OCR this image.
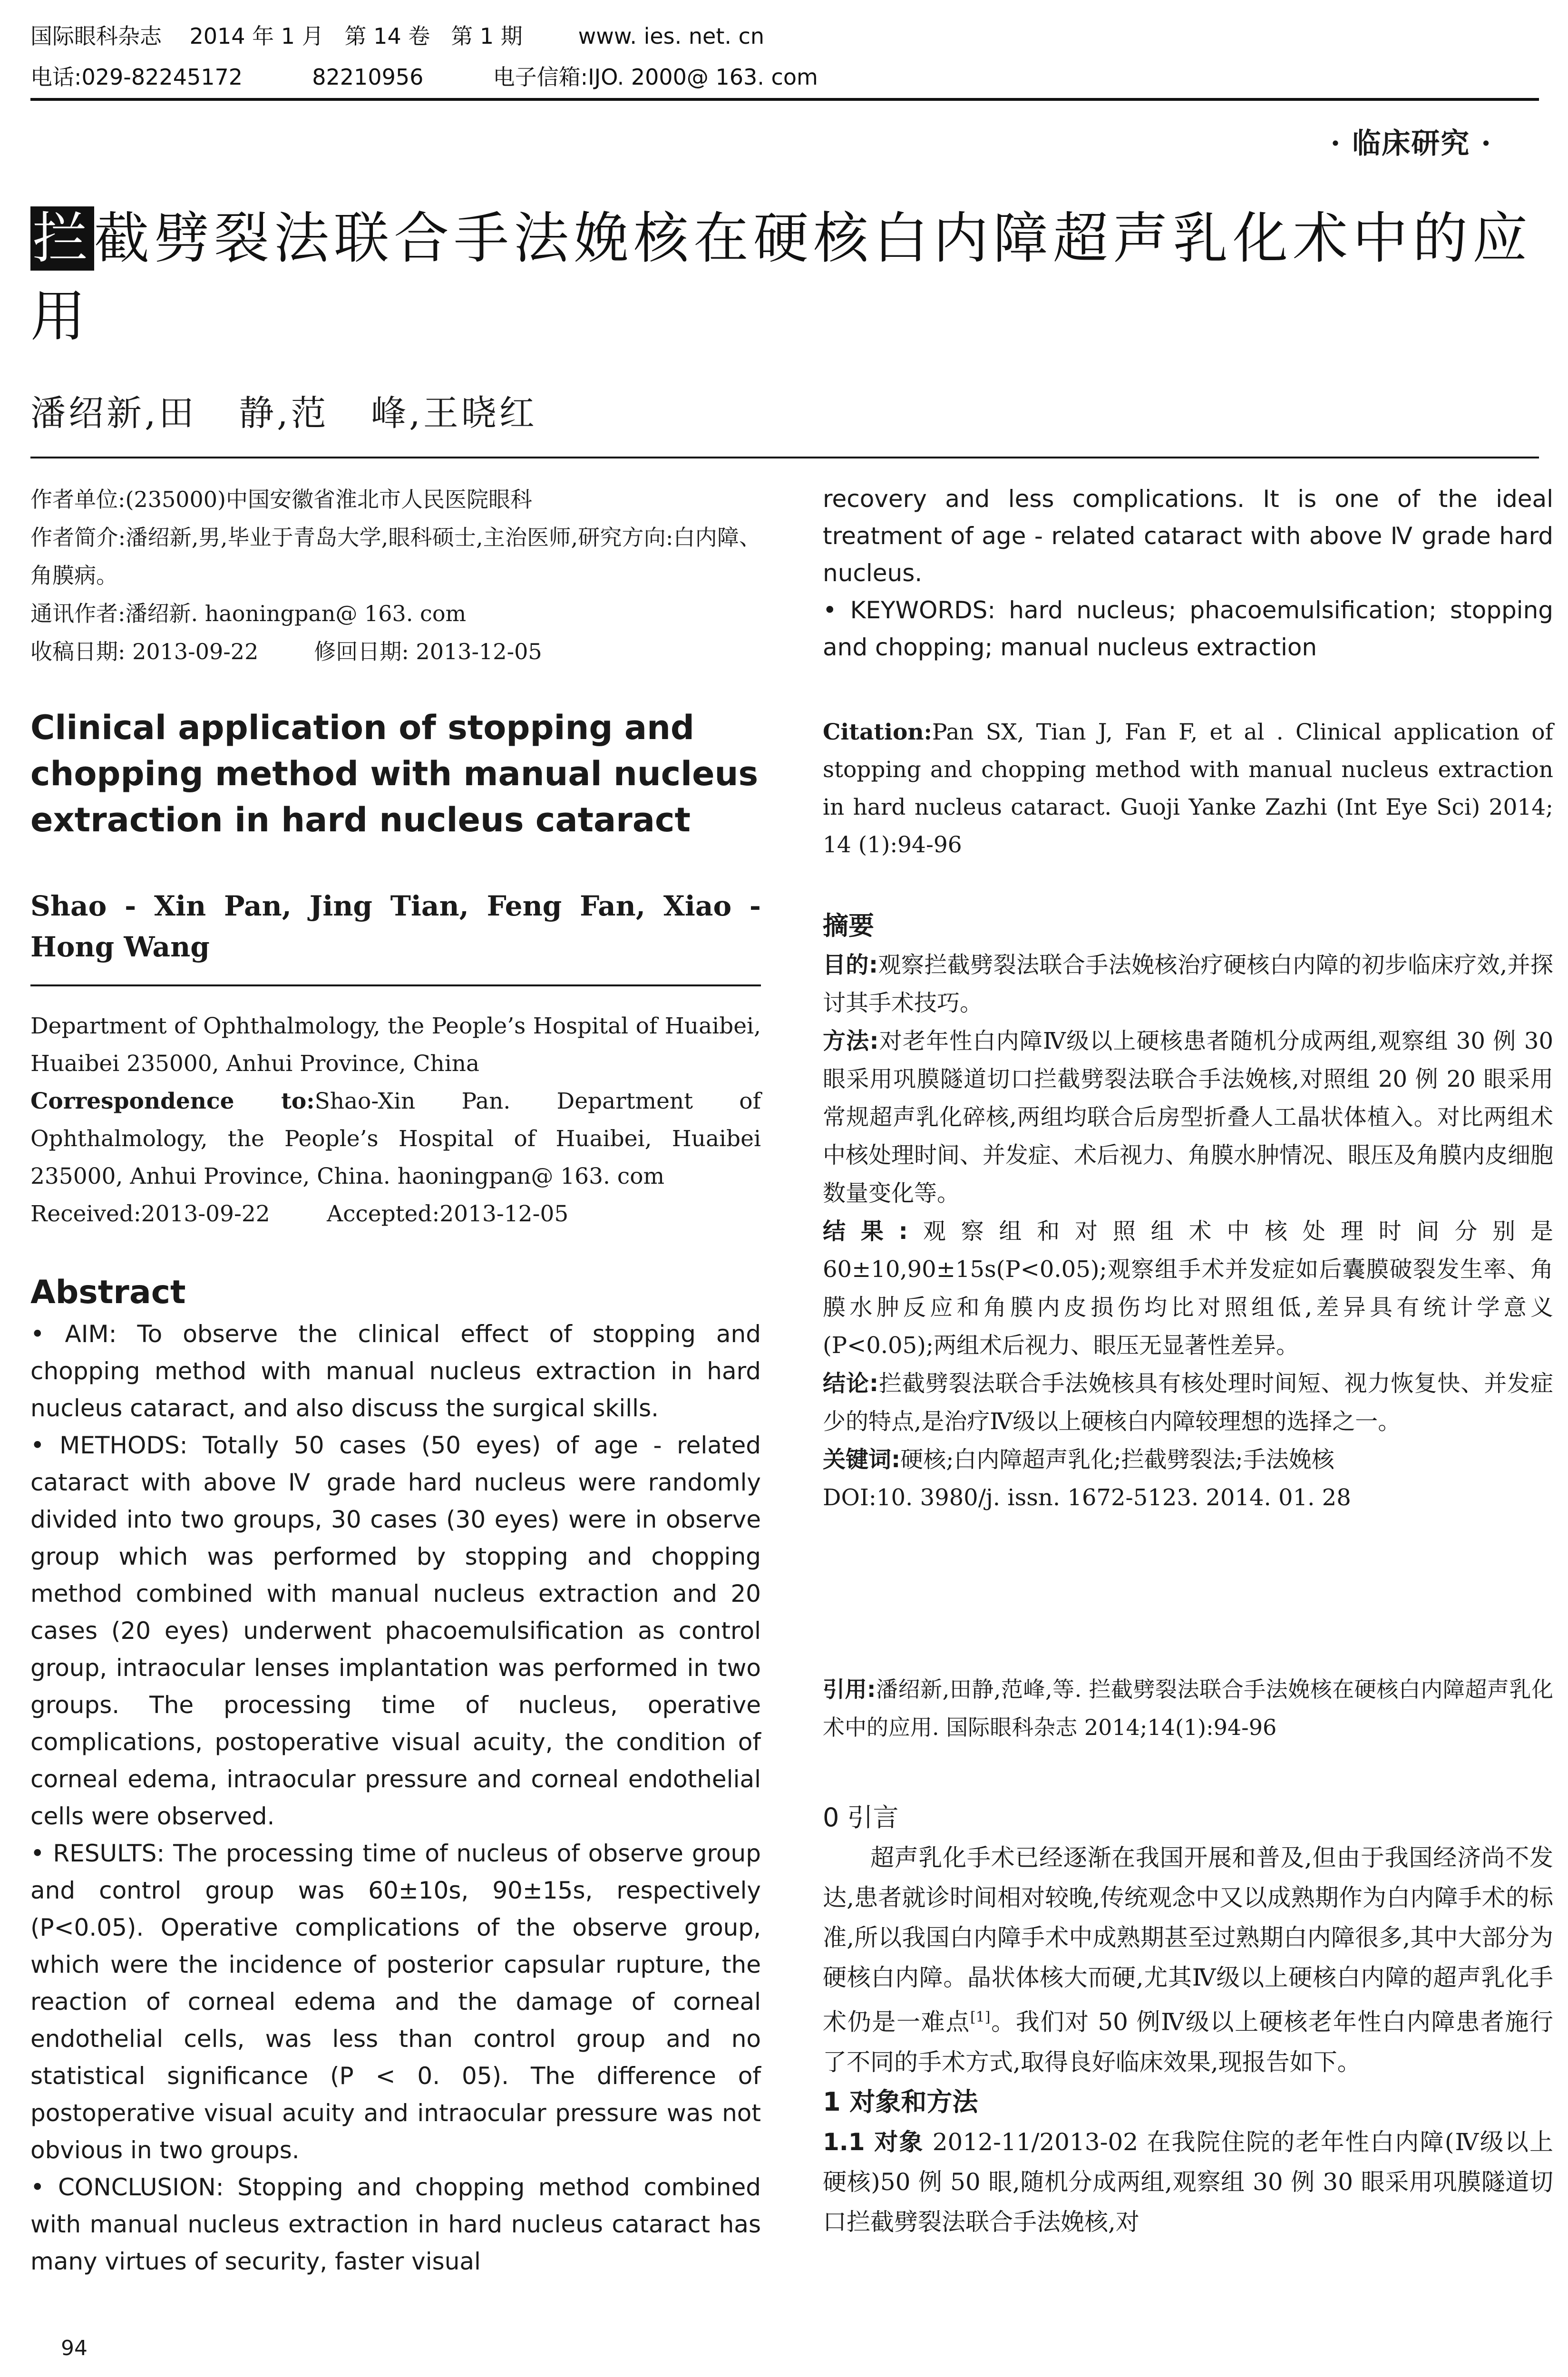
国际眼科杂志    2014 年 1 月   第 14 卷   第 1 期        www. ies. net. cn
电话:029-82245172          82210956          电子信箱:IJO. 2000@ 163. com
· 临床研究 ·
拦截劈裂法联合手法娩核在硬核白内障超声乳化术中的应用
潘绍新,田   静,范   峰,王晓红
作者单位:(235000)中国安徽省淮北市人民医院眼科
作者简介:潘绍新,男,毕业于青岛大学,眼科硕士,主治医师,研究方向:白内障、角膜病。
通讯作者:潘绍新. haoningpan@ 163. com
收稿日期: 2013-09-22        修回日期: 2013-12-05
Clinical application of stopping and chopping method with manual nucleus extraction in hard nucleus cataract
Shao - Xin Pan, Jing Tian, Feng Fan, Xiao - Hong Wang
Department of Ophthalmology, the People’s Hospital of Huaibei, Huaibei 235000, Anhui Province, China
Correspondence to:Shao-Xin Pan. Department of Ophthalmology, the People’s Hospital of Huaibei, Huaibei 235000, Anhui Province, China. haoningpan@ 163. com
Received:2013-09-22        Accepted:2013-12-05
Abstract
• AIM: To observe the clinical effect of stopping and chopping method with manual nucleus extraction in hard nucleus cataract, and also discuss the surgical skills.
• METHODS: Totally 50 cases (50 eyes) of age - related cataract with above Ⅳ grade hard nucleus were randomly divided into two groups, 30 cases (30 eyes) were in observe group which was performed by stopping and chopping method combined with manual nucleus extraction and 20 cases (20 eyes) underwent phacoemulsification as control group, intraocular lenses implantation was performed in two groups. The processing time of nucleus, operative complications, postoperative visual acuity, the condition of corneal edema, intraocular pressure and corneal endothelial cells were observed.
• RESULTS: The processing time of nucleus of observe group and control group was 60±10s, 90±15s, respectively (P<0.05). Operative complications of the observe group, which were the incidence of posterior capsular rupture, the reaction of corneal edema and the damage of corneal endothelial cells, was less than control group and no statistical significance (P < 0. 05). The difference of postoperative visual acuity and intraocular pressure was not obvious in two groups.
• CONCLUSION: Stopping and chopping method combined with manual nucleus extraction in hard nucleus cataract has many virtues of security, faster visual
recovery and less complications. It is one of the ideal treatment of age - related cataract with above Ⅳ grade hard nucleus.
• KEYWORDS: hard nucleus; phacoemulsification; stopping and chopping; manual nucleus extraction
Citation:Pan SX, Tian J, Fan F, et al . Clinical application of stopping and chopping method with manual nucleus extraction in hard nucleus cataract. Guoji Yanke Zazhi (Int Eye Sci) 2014; 14 (1):94-96
摘要
目的:观察拦截劈裂法联合手法娩核治疗硬核白内障的初步临床疗效,并探讨其手术技巧。
方法:对老年性白内障Ⅳ级以上硬核患者随机分成两组,观察组 30 例 30 眼采用巩膜隧道切口拦截劈裂法联合手法娩核,对照组 20 例 20 眼采用常规超声乳化碎核,两组均联合后房型折叠人工晶状体植入。对比两组术中核处理时间、并发症、术后视力、角膜水肿情况、眼压及角膜内皮细胞数量变化等。
结果:观察组和对照组术中核处理时间分别是 60±10,90±15s(P<0.05);观察组手术并发症如后囊膜破裂发生率、角膜水肿反应和角膜内皮损伤均比对照组低,差异具有统计学意义(P<0.05);两组术后视力、眼压无显著性差异。
结论:拦截劈裂法联合手法娩核具有核处理时间短、视力恢复快、并发症少的特点,是治疗Ⅳ级以上硬核白内障较理想的选择之一。
关键词:硬核;白内障超声乳化;拦截劈裂法;手法娩核
DOI:10. 3980/j. issn. 1672-5123. 2014. 01. 28
引用:潘绍新,田静,范峰,等. 拦截劈裂法联合手法娩核在硬核白内障超声乳化术中的应用. 国际眼科杂志 2014;14(1):94-96
0 引言
超声乳化手术已经逐渐在我国开展和普及,但由于我国经济尚不发达,患者就诊时间相对较晚,传统观念中又以成熟期作为白内障手术的标准,所以我国白内障手术中成熟期甚至过熟期白内障很多,其中大部分为硬核白内障。晶状体核大而硬,尤其Ⅳ级以上硬核白内障的超声乳化手术仍是一难点[1]。我们对 50 例Ⅳ级以上硬核老年性白内障患者施行了不同的手术方式,取得良好临床效果,现报告如下。
1 对象和方法
1.1 对象 2012-11/2013-02 在我院住院的老年性白内障(Ⅳ级以上硬核)50 例 50 眼,随机分成两组,观察组 30 例 30 眼采用巩膜隧道切口拦截劈裂法联合手法娩核,对
94
